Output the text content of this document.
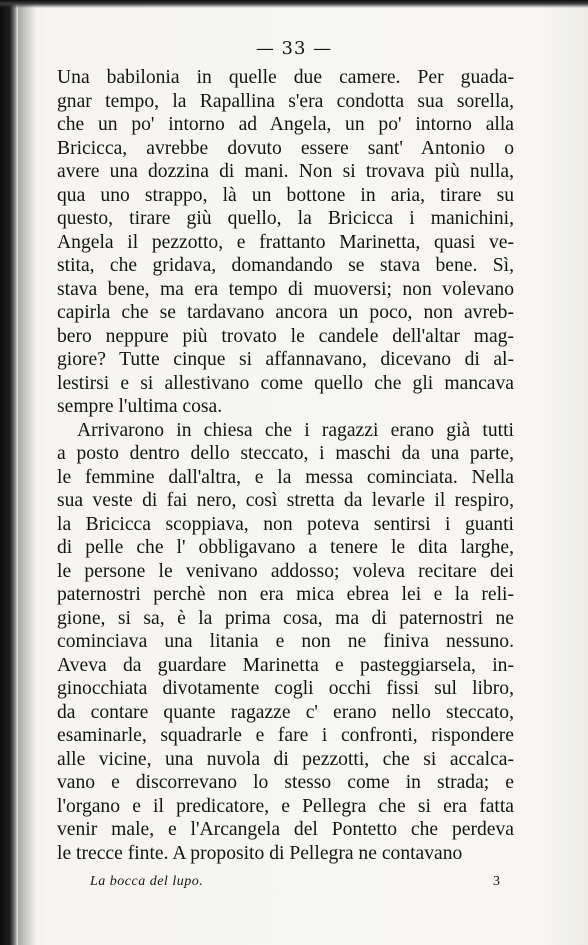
— 33 —
Una babilonia in quelle due camere. Per guada-
gnar tempo, la Rapallina s'era condotta sua sorella,
che un po' intorno ad Angela, un po' intorno alla
Bricicca, avrebbe dovuto essere sant' Antonio o
avere una dozzina di mani. Non si trovava più nulla,
qua uno strappo, là un bottone in aria, tirare su
questo, tirare giù quello, la Bricicca i manichini,
Angela il pezzotto, e frattanto Marinetta, quasi ve-
stita, che gridava, domandando se stava bene. Sì,
stava bene, ma era tempo di muoversi; non volevano
capirla che se tardavano ancora un poco, non avreb-
bero neppure più trovato le candele dell'altar mag-
giore? Tutte cinque si affannavano, dicevano di al-
lestirsi e si allestivano come quello che gli mancava
sempre l'ultima cosa.
Arrivarono in chiesa che i ragazzi erano già tutti
a posto dentro dello steccato, i maschi da una parte,
le femmine dall'altra, e la messa cominciata. Nella
sua veste di fai nero, così stretta da levarle il respiro,
la Bricicca scoppiava, non poteva sentirsi i guanti
di pelle che l' obbligavano a tenere le dita larghe,
le persone le venivano addosso; voleva recitare dei
paternostri perchè non era mica ebrea lei e la reli-
gione, si sa, è la prima cosa, ma di paternostri ne
cominciava una litania e non ne finiva nessuno.
Aveva da guardare Marinetta e pasteggiarsela, in-
ginocchiata divotamente cogli occhi fissi sul libro,
da contare quante ragazze c' erano nello steccato,
esaminarle, squadrarle e fare i confronti, rispondere
alle vicine, una nuvola di pezzotti, che si accalca-
vano e discorrevano lo stesso come in strada; e
l'organo e il predicatore, e Pellegra che si era fatta
venir male, e l'Arcangela del Pontetto che perdeva
le trecce finte. A proposito di Pellegra ne contavano
La bocca del lupo.	3
